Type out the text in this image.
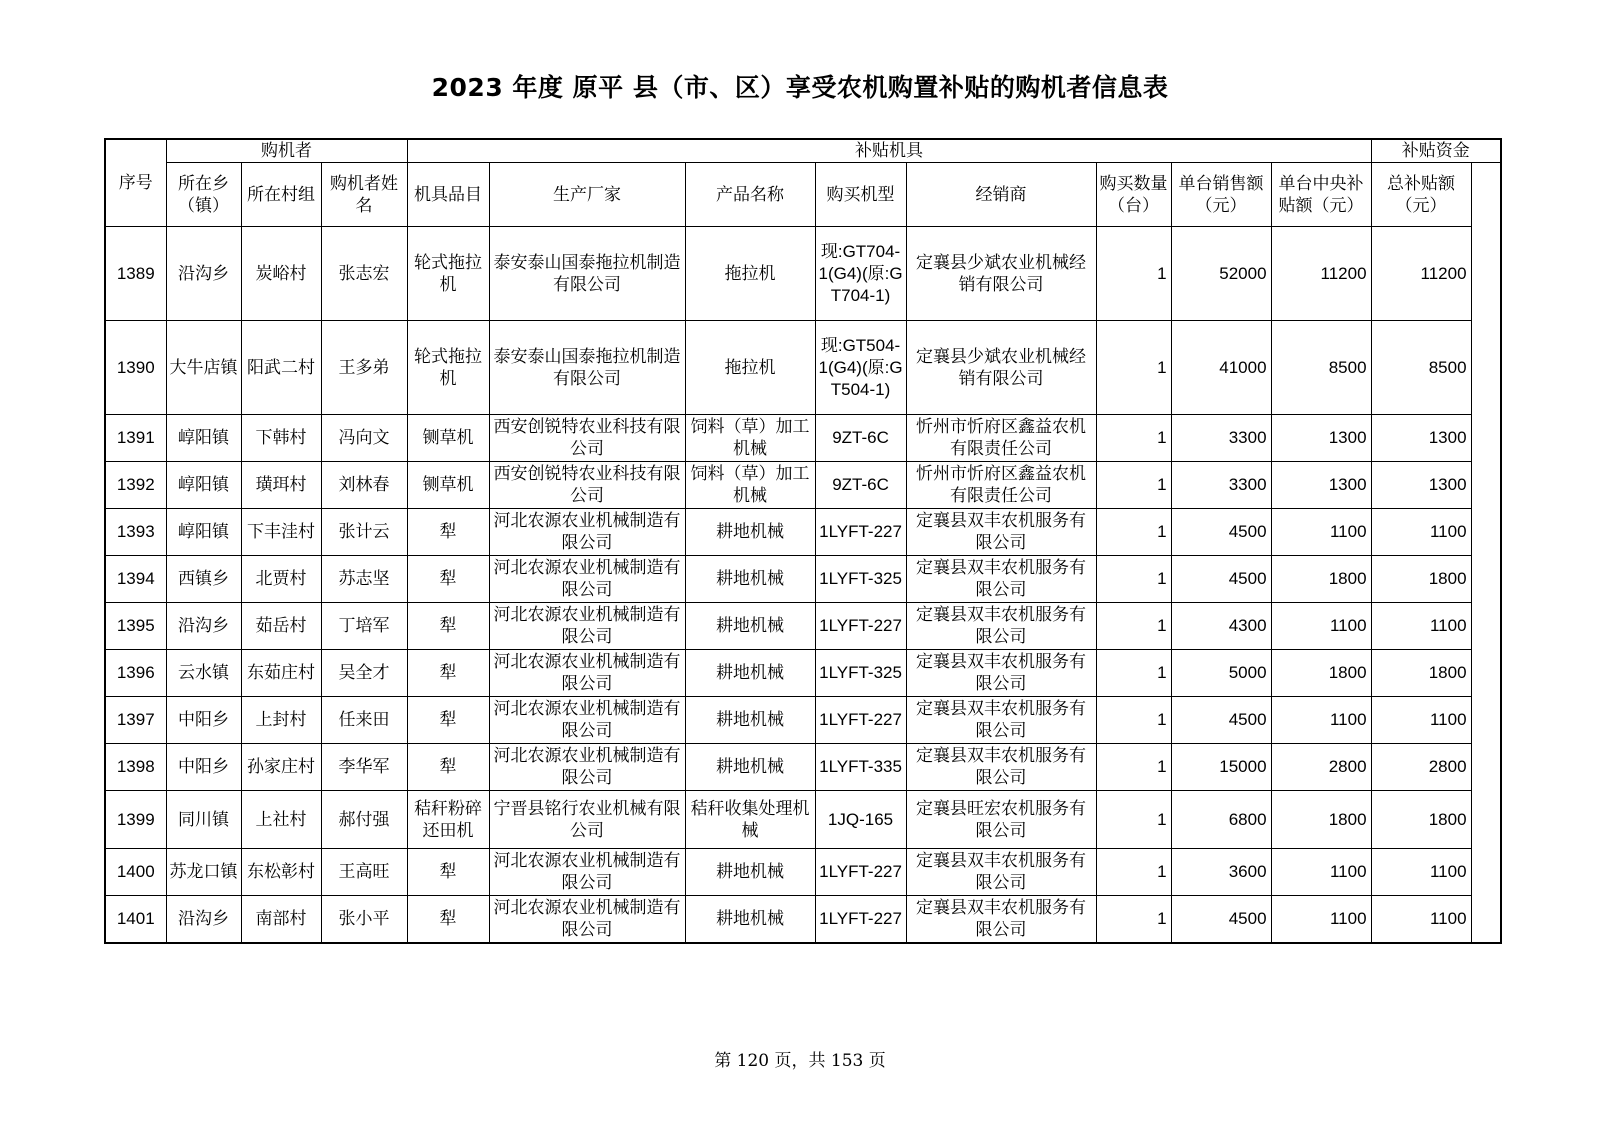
2023 年度 原平 县（市、区）享受农机购置补贴的购机者信息表
序号	购机者			补贴机具								补贴资金
	所在乡（镇）	所在村组	购机者姓名	机具品目	生产厂家	产品名称	购买机型	经销商	购买数量（台）	单台销售额（元）	单台中央补贴额（元）	总补贴额（元）
1389	沿沟乡	炭峪村	张志宏	轮式拖拉机	泰安泰山国泰拖拉机制造有限公司	拖拉机	现:GT704-1(G4)(原:GT704-1)	定襄县少斌农业机械经销有限公司	1	52000	11200	11200
1390	大牛店镇	阳武二村	王多弟	轮式拖拉机	泰安泰山国泰拖拉机制造有限公司	拖拉机	现:GT504-1(G4)(原:GT504-1)	定襄县少斌农业机械经销有限公司	1	41000	8500	8500
1391	崞阳镇	下韩村	冯向文	铡草机	西安创锐特农业科技有限公司	饲料（草）加工机械	9ZT-6C	忻州市忻府区鑫益农机有限责任公司	1	3300	1300	1300
1392	崞阳镇	璜珥村	刘林春	铡草机	西安创锐特农业科技有限公司	饲料（草）加工机械	9ZT-6C	忻州市忻府区鑫益农机有限责任公司	1	3300	1300	1300
1393	崞阳镇	下丰洼村	张计云	犁	河北农源农业机械制造有限公司	耕地机械	1LYFT-227	定襄县双丰农机服务有限公司	1	4500	1100	1100
1394	西镇乡	北贾村	苏志坚	犁	河北农源农业机械制造有限公司	耕地机械	1LYFT-325	定襄县双丰农机服务有限公司	1	4500	1800	1800
1395	沿沟乡	茹岳村	丁培军	犁	河北农源农业机械制造有限公司	耕地机械	1LYFT-227	定襄县双丰农机服务有限公司	1	4300	1100	1100
1396	云水镇	东茹庄村	吴全才	犁	河北农源农业机械制造有限公司	耕地机械	1LYFT-325	定襄县双丰农机服务有限公司	1	5000	1800	1800
1397	中阳乡	上封村	任来田	犁	河北农源农业机械制造有限公司	耕地机械	1LYFT-227	定襄县双丰农机服务有限公司	1	4500	1100	1100
1398	中阳乡	孙家庄村	李华军	犁	河北农源农业机械制造有限公司	耕地机械	1LYFT-335	定襄县双丰农机服务有限公司	1	15000	2800	2800
1399	同川镇	上社村	郝付强	秸秆粉碎还田机	宁晋县铭行农业机械有限公司	秸秆收集处理机械	1JQ-165	定襄县旺宏农机服务有限公司	1	6800	1800	1800
1400	苏龙口镇	东松彰村	王高旺	犁	河北农源农业机械制造有限公司	耕地机械	1LYFT-227	定襄县双丰农机服务有限公司	1	3600	1100	1100
1401	沿沟乡	南部村	张小平	犁	河北农源农业机械制造有限公司	耕地机械	1LYFT-227	定襄县双丰农机服务有限公司	1	4500	1100	1100
第 120 页，共 153 页
